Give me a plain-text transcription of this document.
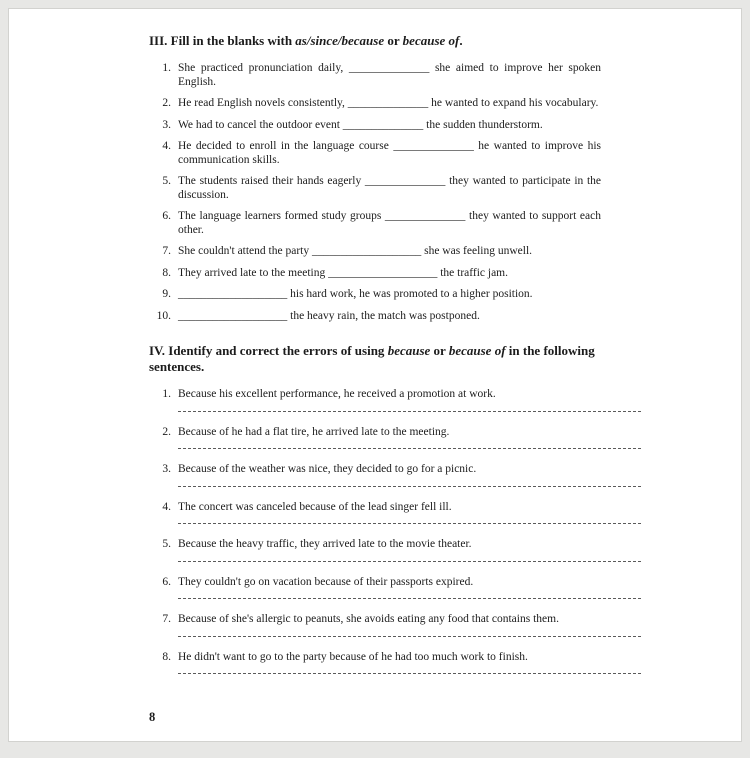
III. Fill in the blanks with as/since/because or because of.
1. She practiced pronunciation daily, ______________ she aimed to improve her spoken English.
2. He read English novels consistently, ______________ he wanted to expand his vocabulary.
3. We had to cancel the outdoor event ______________ the sudden thunderstorm.
4. He decided to enroll in the language course ______________ he wanted to improve his communication skills.
5. The students raised their hands eagerly ______________ they wanted to participate in the discussion.
6. The language learners formed study groups ______________ they wanted to support each other.
7. She couldn't attend the party ___________________ she was feeling unwell.
8. They arrived late to the meeting ___________________ the traffic jam.
9. ___________________ his hard work, he was promoted to a higher position.
10. ___________________ the heavy rain, the match was postponed.
IV. Identify and correct the errors of using because or because of in the following sentences.
1. Because his excellent performance, he received a promotion at work.
2. Because of he had a flat tire, he arrived late to the meeting.
3. Because of the weather was nice, they decided to go for a picnic.
4. The concert was canceled because of the lead singer fell ill.
5. Because the heavy traffic, they arrived late to the movie theater.
6. They couldn't go on vacation because of their passports expired.
7. Because of she's allergic to peanuts, she avoids eating any food that contains them.
8. He didn't want to go to the party because of he had too much work to finish.
8
